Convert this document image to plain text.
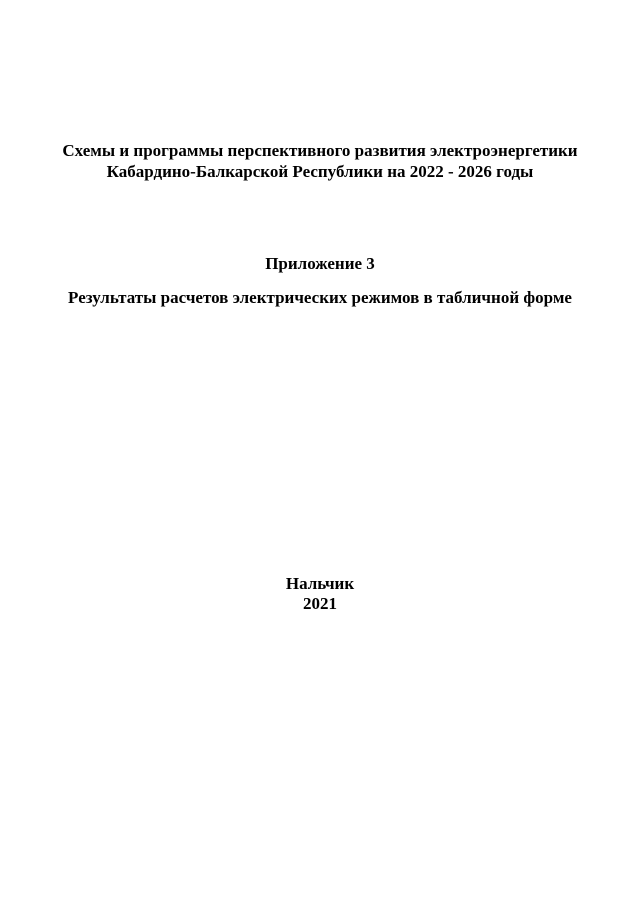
Схемы и программы перспективного развития электроэнергетики
Кабардино-Балкарской Республики на 2022 - 2026 годы
Приложение 3
Результаты расчетов электрических режимов в табличной форме
Нальчик
2021
